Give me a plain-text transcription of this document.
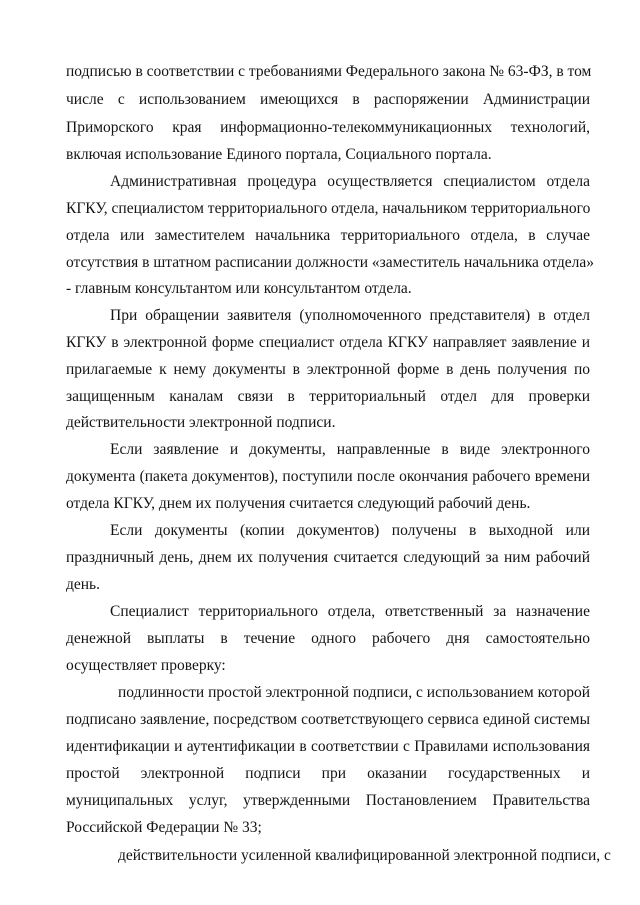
подписью в соответствии с требованиями Федерального закона № 63-ФЗ, в том
числе с использованием имеющихся в распоряжении Администрации
Приморского края информационно-телекоммуникационных технологий,
включая использование Единого портала, Социального портала.
Административная процедура осуществляется специалистом отдела
КГКУ, специалистом территориального отдела, начальником территориального
отдела или заместителем начальника территориального отдела, в случае
отсутствия в штатном расписании должности «заместитель начальника отдела»
- главным консультантом или консультантом отдела.
При обращении заявителя (уполномоченного представителя) в отдел
КГКУ в электронной форме специалист отдела КГКУ направляет заявление и
прилагаемые к нему документы в электронной форме в день получения по
защищенным каналам связи в территориальный отдел для проверки
действительности электронной подписи.
Если заявление и документы, направленные в виде электронного
документа (пакета документов), поступили после окончания рабочего времени
отдела КГКУ, днем их получения считается следующий рабочий день.
Если документы (копии документов) получены в выходной или
праздничный день, днем их получения считается следующий за ним рабочий
день.
Специалист территориального отдела, ответственный за назначение
денежной выплаты в течение одного рабочего дня самостоятельно
осуществляет проверку:
подлинности простой электронной подписи, с использованием которой
подписано заявление, посредством соответствующего сервиса единой системы
идентификации и аутентификации в соответствии с Правилами использования
простой электронной подписи при оказании государственных и
муниципальных услуг, утвержденными Постановлением Правительства
Российской Федерации № 33;
действительности усиленной квалифицированной электронной подписи, с
